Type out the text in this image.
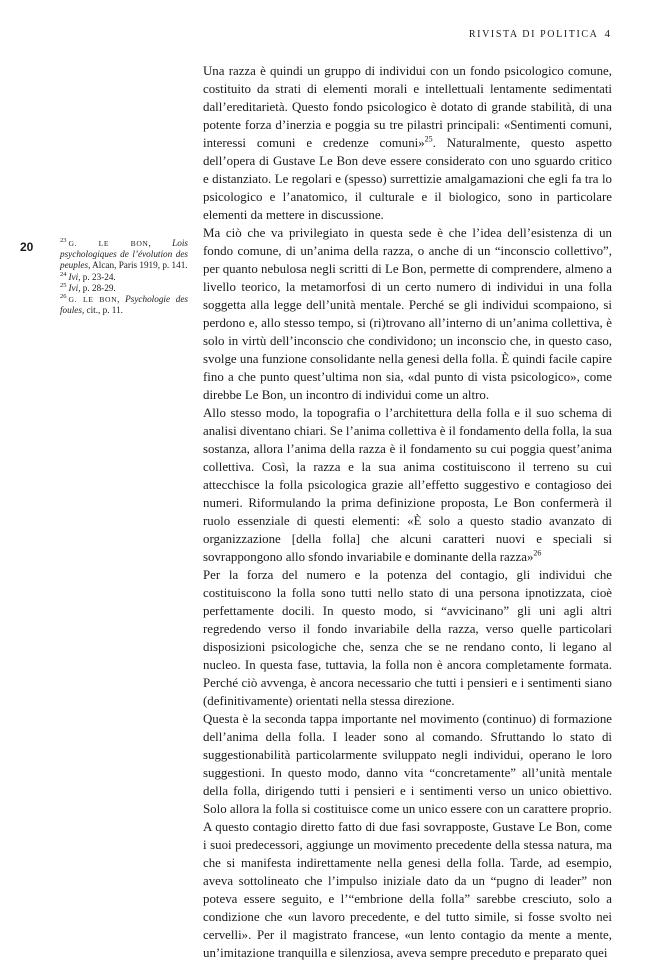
RIVISTA DI POLITICA 4
20	$^{23}$ G. LE BON, Lois psychologiques de l’évolution des peuples, Alcan, Paris 1919, p. 141.

$^{24}$ Ivi, p. 23-24.

$^{25}$ Ivi, p. 28-29.

$^{26}$ G. LE BON, Psychologie des foules, cit., p. 11.

Una razza è quindi un gruppo di individui con un fondo psicologico comune, costituito da strati di elementi morali e intellettuali lentamente sedimentati dall’ereditarietà. Questo fondo psicologico è dotato di grande stabilità, di una potente forza d’inerzia e poggia su tre pilastri principali: «Sentimenti comuni, interessi comuni e credenze comuni»$^{25}$. Naturalmente, questo aspetto dell’opera di Gustave Le Bon deve essere considerato con uno sguardo critico e distanziato. Le regolari e (spesso) surrettizie amalgamazioni che egli fa tra lo psicologico e l’anatomico, il culturale e il biologico, sono in particolare elementi da mettere in discussione.

Ma ciò che va privilegiato in questa sede è che l’idea dell’esistenza di un fondo comune, di un’anima della razza, o anche di un “inconscio collettivo”, per quanto nebulosa negli scritti di Le Bon, permette di comprendere, almeno a livello teorico, la metamorfosi di un certo numero di individui in una folla soggetta alla legge dell’unità mentale. Perché se gli individui scompaiono, si perdono e, allo stesso tempo, si (ri)trovano all’interno di un’anima collettiva, è solo in virtù dell’inconscio che condividono; un inconscio che, in questo caso, svolge una funzione consolidante nella genesi della folla. È quindi facile capire fino a che punto quest’ultima non sia, «dal punto di vista psicologico», come direbbe Le Bon, un incontro di individui come un altro.

Allo stesso modo, la topografia o l’architettura della folla e il suo schema di analisi diventano chiari. Se l’anima collettiva è il fondamento della folla, la sua sostanza, allora l’anima della razza è il fondamento su cui poggia quest’anima collettiva. Così, la razza e la sua anima costituiscono il terreno su cui attecchisce la folla psicologica grazie all’effetto suggestivo e contagioso dei numeri. Riformulando la prima definizione proposta, Le Bon confermerà il ruolo essenziale di questi elementi: «È solo a questo stadio avanzato di organizzazione [della folla] che alcuni caratteri nuovi e speciali si sovrappongono allo sfondo invariabile e dominante della razza»$^{26}$

Per la forza del numero e la potenza del contagio, gli individui che costituiscono la folla sono tutti nello stato di una persona ipnotizzata, cioè perfettamente docili. In questo modo, si “avvicinano” gli uni agli altri regredendo verso il fondo invariabile della razza, verso quelle particolari disposizioni psicologiche che, senza che se ne rendano conto, li legano al nucleo. In questa fase, tuttavia, la folla non è ancora completamente formata. Perché ciò avvenga, è ancora necessario che tutti i pensieri e i sentimenti siano (definitivamente) orientati nella stessa direzione.

Questa è la seconda tappa importante nel movimento (continuo) di formazione dell’anima della folla. I leader sono al comando. Sfruttando lo stato di suggestionabilità particolarmente sviluppato negli individui, operano le loro suggestioni. In questo modo, danno vita “concretamente” all’unità mentale della folla, dirigendo tutti i pensieri e i sentimenti verso un unico obiettivo. Solo allora la folla si costituisce come un unico essere con un carattere proprio.

A questo contagio diretto fatto di due fasi sovrapposte, Gustave Le Bon, come i suoi predecessori, aggiunge un movimento precedente della stessa natura, ma che si manifesta indirettamente nella genesi della folla. Tarde, ad esempio, aveva sottolineato che l’impulso iniziale dato da un “pugno di leader” non poteva essere seguito, e l’“embrione della folla” sarebbe cresciuto, solo a condizione che «un lavoro precedente, e del tutto simile, si fosse svolto nei cervelli». Per il magistrato francese, «un lento contagio da mente a mente, un’imitazione tranquilla e silenziosa, aveva sempre preceduto e preparato quei
